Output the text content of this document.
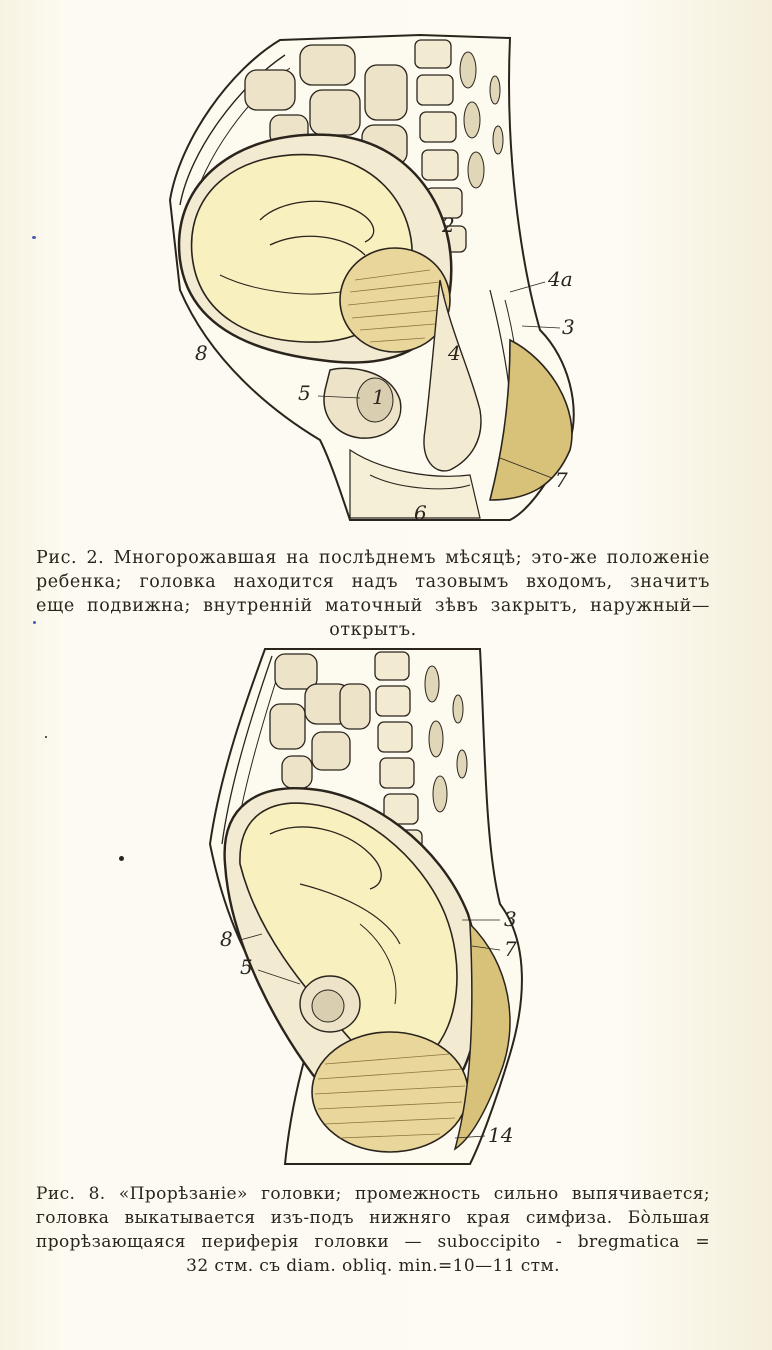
4a
3
8	4
5	1
7
6
2
Рис. 2. Многорожавшая на послѣднемъ мѣсяцѣ; это-же положеніе
ребенка; головка находится надъ тазовымъ входомъ, значитъ
еще подвижна; внутренній маточный зѣвъ закрытъ, наружный—
открытъ.
3
7
8
5
14
Рис. 8. «Прорѣзаніе» головки; промежность сильно выпячивается;
головка выкатывается изъ-подъ нижняго края симфиза. Бо̀льшая
прорѣзающаяся периферія головки — suboccipito - bregmatica =
32 стм. съ diam. obliq. min.=10—11 стм.
